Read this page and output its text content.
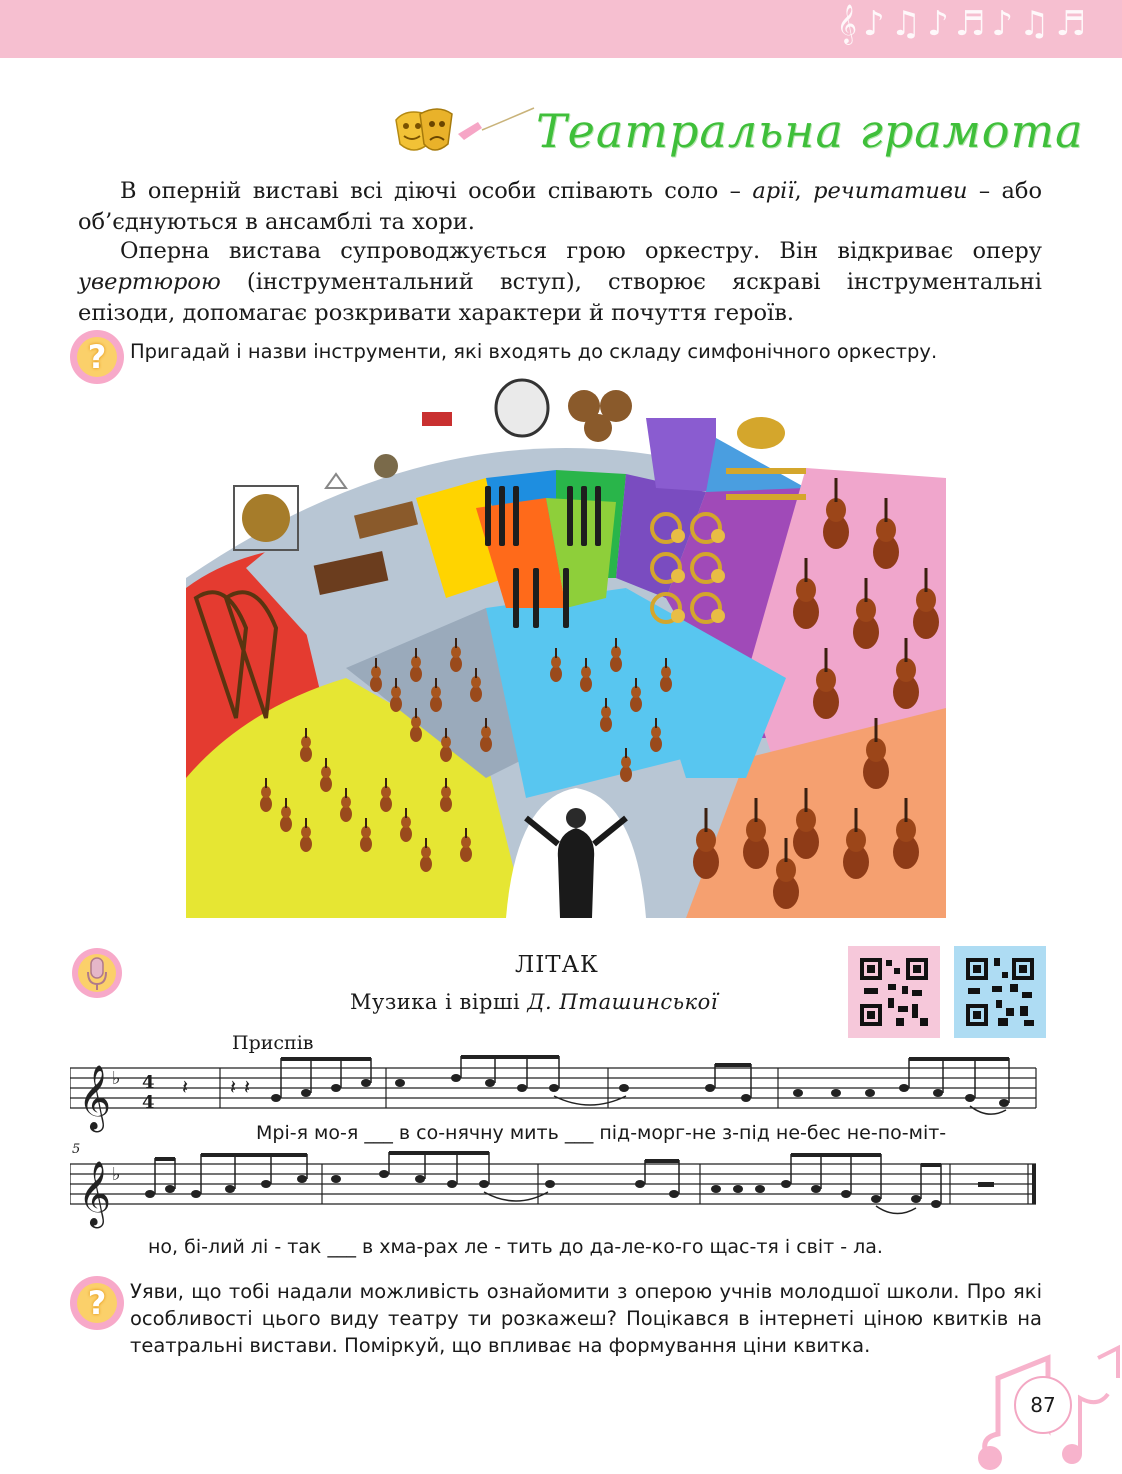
𝄞♪♫♪♬♪♫♬
Театральна грамота

В оперній виставі всі діючі особи співають соло – арії, речитативи – або об’єднуються в ансамблі та хори.

Оперна вистава супроводжується грою оркестру. Він відкриває оперу увертюрою (інструментальний вступ), створює яскраві інструментальні епізоди, допомагає розкривати характери й почуття героїв.

?	Пригадай і назви інструменти, які входять до складу симфонічного оркестру.
ЛІТАК
Музика і вірші Д. Пташинської
Приспів
𝄞 ♭ 4
4
𝄽 𝄽 𝄽
Мрі-я мо-я ___ в со-нячну мить ___ під-морг-не з-під не-бес не-по-міт-
5
𝄞 ♭
но, бі-лий лі - так ___ в хма-рах ле - тить до да-ле-ко-го щас-тя і світ - ла.
?	Уяви, що тобі надали можливість ознайомити з оперою учнів молодшої школи. Про які особливості цього виду театру ти розкажеш? Поцікався в інтернеті ціною квитків на театральні вистави. Поміркуй, що впливає на формування ціни квитка.
87
